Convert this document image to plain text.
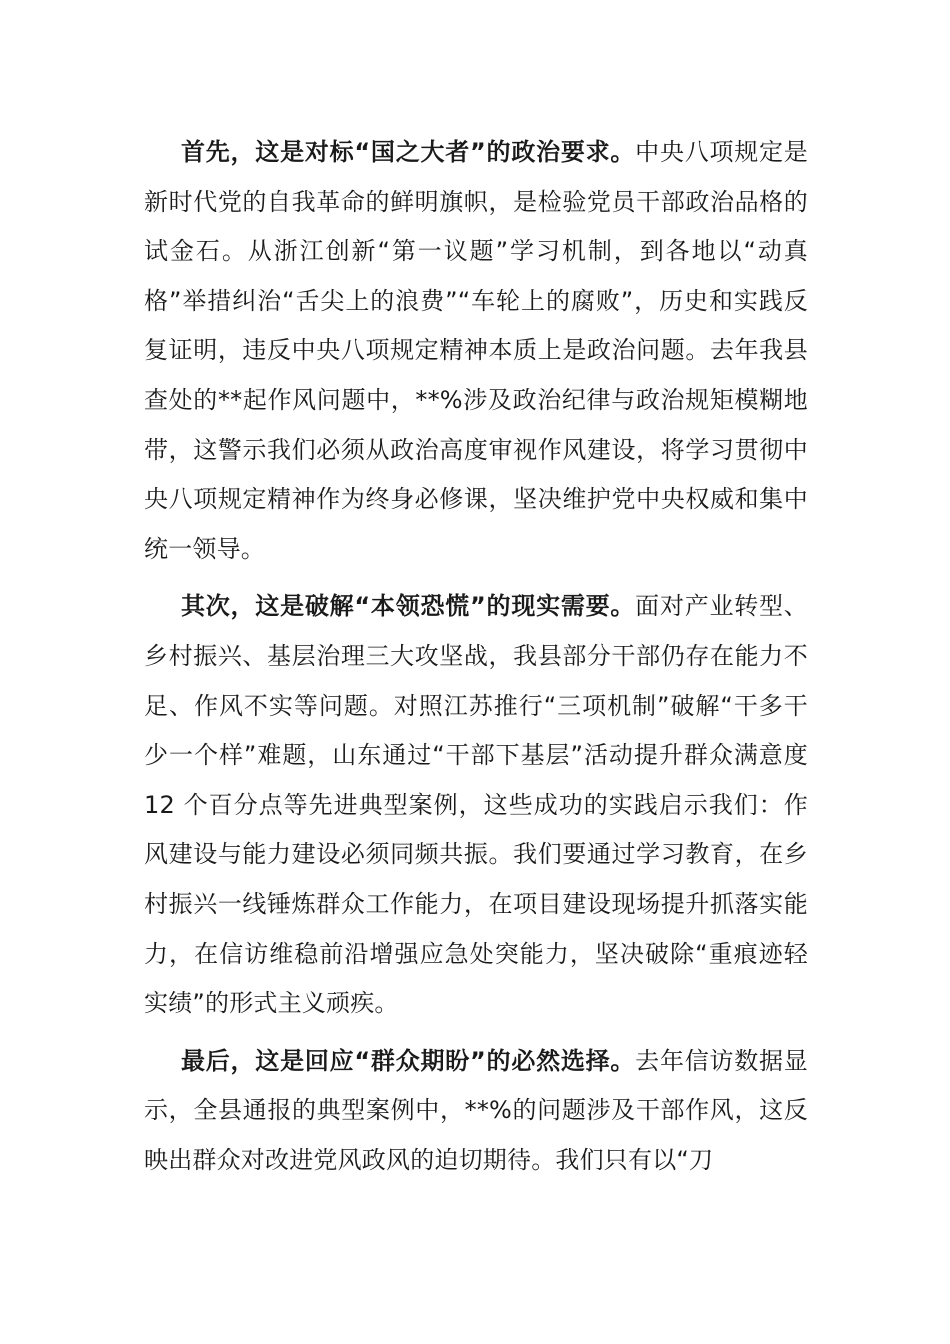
首先，这是对标“国之大者”的政治要求。中央八项规定是新时代党的自我革命的鲜明旗帜，是检验党员干部政治品格的试金石。从浙江创新“第一议题”学习机制，到各地以“动真格”举措纠治“舌尖上的浪费”“车轮上的腐败”，历史和实践反复证明，违反中央八项规定精神本质上是政治问题。去年我县查处的**起作风问题中，**%涉及政治纪律与政治规矩模糊地带，这警示我们必须从政治高度审视作风建设，将学习贯彻中央八项规定精神作为终身必修课，坚决维护党中央权威和集中统一领导。

其次，这是破解“本领恐慌”的现实需要。面对产业转型、乡村振兴、基层治理三大攻坚战，我县部分干部仍存在能力不足、作风不实等问题。对照江苏推行“三项机制”破解“干多干少一个样”难题，山东通过“干部下基层”活动提升群众满意度 12 个百分点等先进典型案例，这些成功的实践启示我们：作风建设与能力建设必须同频共振。我们要通过学习教育，在乡村振兴一线锤炼群众工作能力，在项目建设现场提升抓落实能力，在信访维稳前沿增强应急处突能力，坚决破除“重痕迹轻实绩”的形式主义顽疾。

最后，这是回应“群众期盼”的必然选择。去年信访数据显示，全县通报的典型案例中，**%的问题涉及干部作风，这反映出群众对改进党风政风的迫切期待。我们只有以“刀
